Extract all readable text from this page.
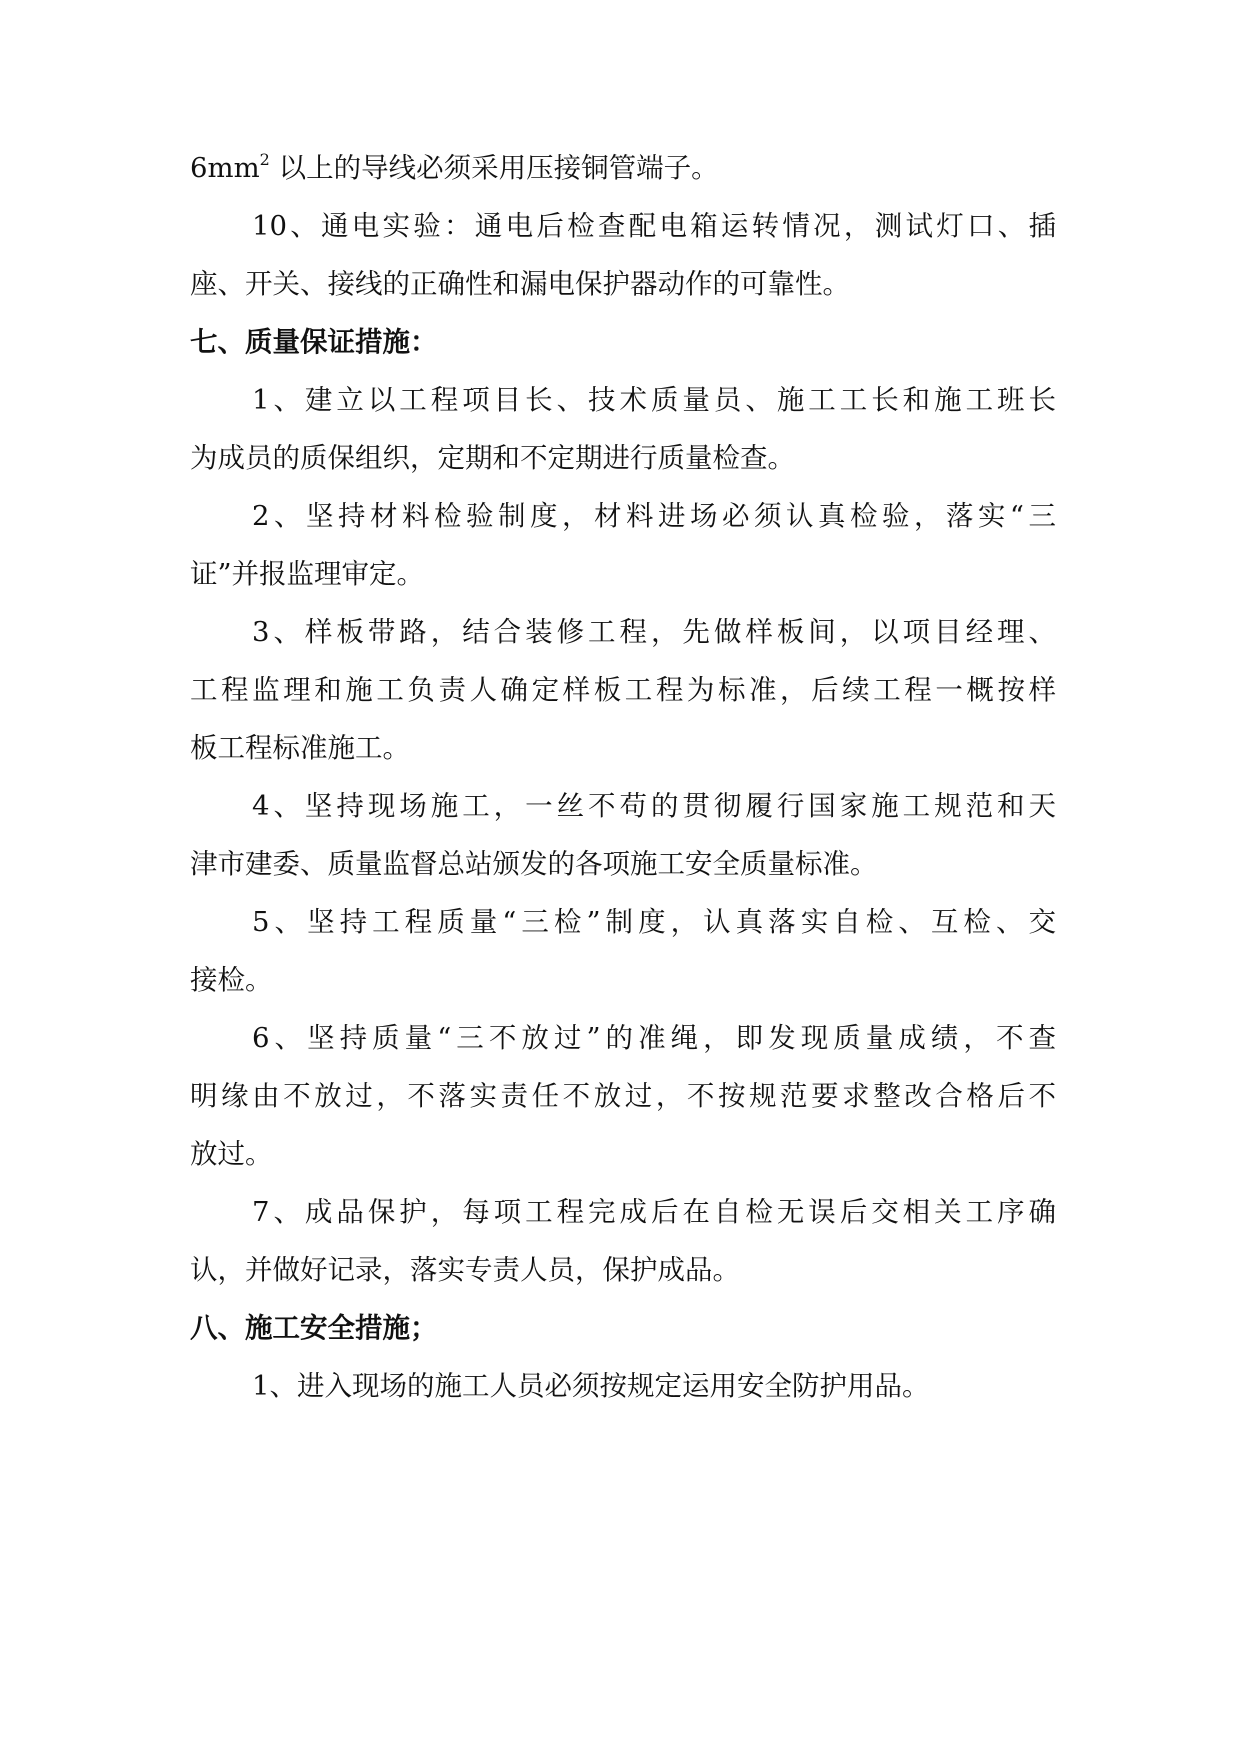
$6mm^2$ 以上的导线必须采用压接铜管端子。
10、通电实验：通电后检查配电箱运转情况，测试灯口、插
座、开关、接线的正确性和漏电保护器动作的可靠性。
七、质量保证措施：
1、建立以工程项目长、技术质量员、施工工长和施工班长
为成员的质保组织，定期和不定期进行质量检查。
2、坚持材料检验制度，材料进场必须认真检验，落实“三
证”并报监理审定。
3、样板带路，结合装修工程，先做样板间，以项目经理、
工程监理和施工负责人确定样板工程为标准，后续工程一概按样
板工程标准施工。
4、坚持现场施工，一丝不苟的贯彻履行国家施工规范和天
津市建委、质量监督总站颁发的各项施工安全质量标准。
5、坚持工程质量“三检”制度，认真落实自检、互检、交
接检。
6、坚持质量“三不放过”的准绳，即发现质量成绩，不查
明缘由不放过，不落实责任不放过，不按规范要求整改合格后不
放过。
7、成品保护，每项工程完成后在自检无误后交相关工序确
认，并做好记录，落实专责人员，保护成品。
八、施工安全措施；
1、进入现场的施工人员必须按规定运用安全防护用品。
